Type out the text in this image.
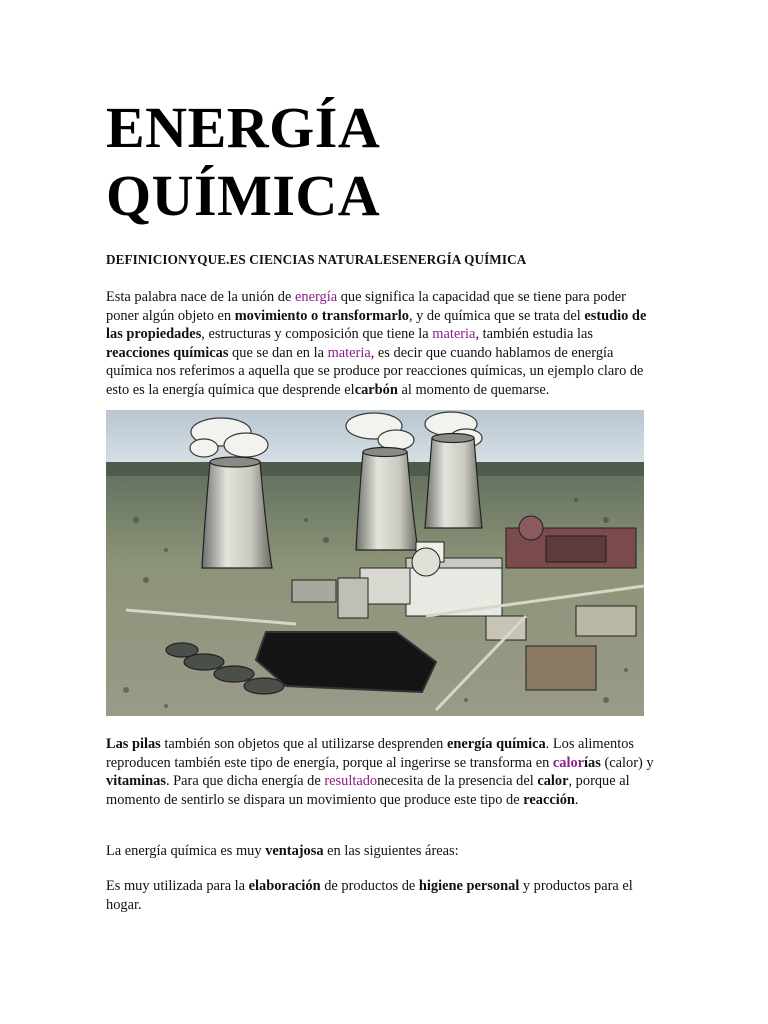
ENERGÍA
QUÍMICA

DEFINICIONYQUE.ES CIENCIAS NATURALESENERGÍA QUÍMICA

Esta palabra nace de la unión de energía que significa la capacidad que se tiene para poder poner algún objeto en movimiento o transformarlo, y de química que se trata del estudio de las propiedades, estructuras y composición que tiene la materia, también estudia las reacciones químicas que se dan en la materia, es decir que cuando hablamos de energía química nos referimos a aquella que se produce por reacciones químicas, un ejemplo claro de esto es la energía química que desprende elcarbón al momento de quemarse.

Las pilas también son objetos que al utilizarse desprenden energía química. Los alimentos reproducen también este tipo de energía, porque al ingerirse se transforma en calorías (calor) y vitaminas. Para que dicha energía de resultadonecesita de la presencia del calor, porque al momento de sentirlo se dispara un movimiento que produce este tipo de reacción.

La energía química es muy ventajosa en las siguientes áreas:

Es muy utilizada para la elaboración de productos de higiene personal y productos para el hogar.
